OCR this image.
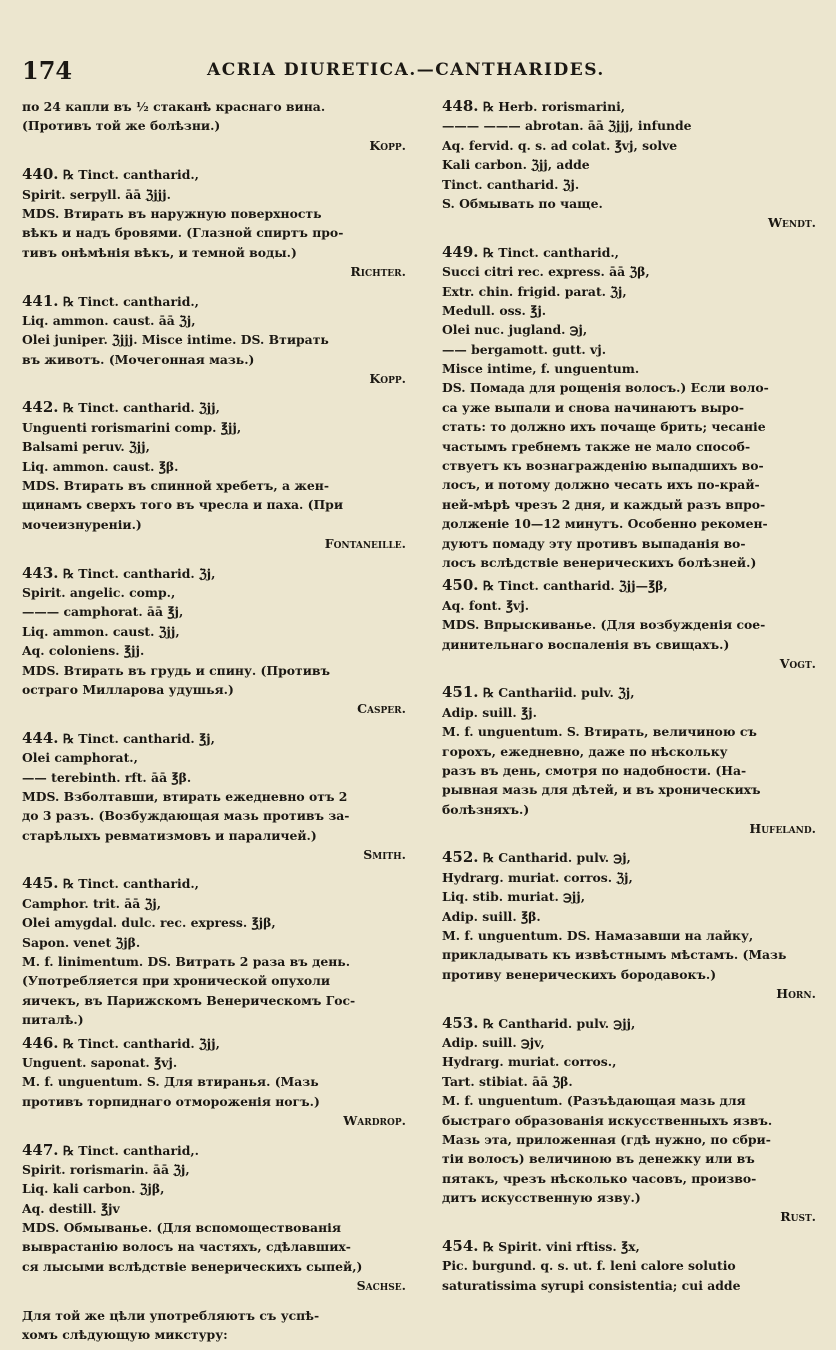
174	ACRIA DIURETICA.—CANTHARIDES.
по 24 капли въ ½ стаканѣ краснаго вина.
(Противъ той же болѣзни.)
Kopp.
440. ℞ Tinct. cantharid.,
Spirit. serpyll. āā ℨjjj.
MDS. Втирать въ наружную поверхность
вѣкъ и надъ бровями. (Глазной спиртъ про-
тивъ онѣмѣнія вѣкъ, и темной воды.)
Richter.
441. ℞ Tinct. cantharid.,
Liq. ammon. caust. āā ℨj,
Olei juniper. ℨjjj. Misce intime. DS. Втирать
въ животъ. (Мочегонная мазь.)
Kopp.
442. ℞ Tinct. cantharid. ℨjj,
Unguenti rorismarini comp. ℥jj,
Balsami peruv. ℨjj,
Liq. ammon. caust. ℥β.
MDS. Втирать въ спинной хребетъ, а жен-
щинамъ сверхъ того въ чресла и паха. (При
мочеизнуреніи.)
Fontaneille.
443. ℞ Tinct. cantharid. ℨj,
Spirit. angelic. comp.,
——— camphorat. āā ℥j,
Liq. ammon. caust. ℨjj,
Aq. coloniens. ℥jj.
MDS. Втирать въ грудь и спину. (Противъ
остраго Милларова удушья.)
Casper.
444. ℞ Tinct. cantharid. ℥j,
Olei camphorat.,
—— terebinth. rft. āā ℥β.
MDS. Взболтавши, втирать ежедневно отъ 2
до 3 разъ. (Возбуждающая мазь противъ за-
старѣлыхъ ревматизмовъ и параличей.)
Smith.
445. ℞ Tinct. cantharid.,
Camphor. trit. āā ℨj,
Olei amygdal. dulc. rec. express. ℥jβ,
Sapon. venet ℨjβ.
M. f. linimentum. DS. Витрать 2 раза въ день.
(Употребляется при хронической опухоли
яичекъ, въ Парижскомъ Венерическомъ Гос-
питалѣ.)
446. ℞ Tinct. cantharid. ℨjj,
Unguent. saponat. ℥vj.
M. f. unguentum. S. Для втиранья. (Мазь
противъ торпиднаго отмороженія ногъ.)
Wardrop.
447. ℞ Tinct. cantharid,.
Spirit. rorismarin. āā ℨj,
Liq. kali carbon. ℨjβ,
Aq. destill. ℥jv
MDS. Обмыванье. (Для вспомоществованія
выврастанію волосъ на частяхъ, сдѣлавших-
ся лысыми вслѣдствіе венерическихъ сыпей,)
Sachse.
Для той же цѣли употребляютъ съ успѣ-
хомъ слѣдующую микстуру:
448. ℞ Herb. rorismarini,
——— ——— abrotan. āā ℨjjj, infunde
Aq. fervid. q. s. ad colat. ℥vj, solve
Kali carbon. ℨjj, adde
Tinct. cantharid. ℨj.
S. Обмывать по чаще.
Wendt.
449. ℞ Tinct. cantharid.,
Succi citri rec. express. āā ℨβ,
Extr. chin. frigid. parat. ℨj,
Medull. oss. ℥j.
Olei nuc. jugland. ℈j,
—— bergamott. gutt. vj.
Misce intime, f. unguentum.
DS. Помада для рощенія волосъ.) Если воло-
са уже выпали и снова начинаютъ выро-
стать: то должно ихъ почаще брить; чесаніе
частымъ гребнемъ также не мало способ-
ствуетъ къ вознагражденію выпадшихъ во-
лосъ, и потому должно чесать ихъ по-край-
ней-мѣрѣ чрезъ 2 дня, и каждый разъ впро-
долженіе 10—12 минутъ. Особенно рекомен-
дуютъ помаду эту противъ выпаданія во-
лосъ вслѣдствіе венерическихъ болѣзней.)
450. ℞ Tinct. cantharid. ℨjj—℥β,
Aq. font. ℥vj.
MDS. Впрыскиванье. (Для возбужденія сое-
динительнаго воспаленія въ свищахъ.)
Vogt.
451. ℞ Canthariid. pulv. ℨj,
Adip. suill. ℥j.
M. f. unguentum. S. Втирать, величиною съ
горохъ, ежедневно, даже по нѣскольку
разъ въ день, смотря по надобности. (На-
рывная мазь для дѣтей, и въ хроническихъ
болѣзняхъ.)
Hufeland.
452. ℞ Cantharid. pulv. ℈j,
Hydrarg. muriat. corros. ℨj,
Liq. stib. muriat. ℈jj,
Adip. suill. ℥β.
M. f. unguentum. DS. Намазавши на лайку,
прикладывать къ извѣстнымъ мѣстамъ. (Мазь
противу венерическихъ бородавокъ.)
Horn.
453. ℞ Cantharid. pulv. ℈jj,
Adip. suill. ℈jv,
Hydrarg. muriat. corros.,
Tart. stibiat. āā ℨβ.
M. f. unguentum. (Разъѣдающая мазь для
быстраго образованія искусственныхъ язвъ.
Мазь эта, приложенная (гдѣ нужно, по сбри-
тіи волосъ) величиною въ денежку или въ
пятакъ, чрезъ нѣсколько часовъ, произво-
дитъ искусственную язву.)
Rust.
454. ℞ Spirit. vini rftiss. ℥x,
Pic. burgund. q. s. ut. f. leni calore solutio
saturatissima syrupi consistentia; cui adde
